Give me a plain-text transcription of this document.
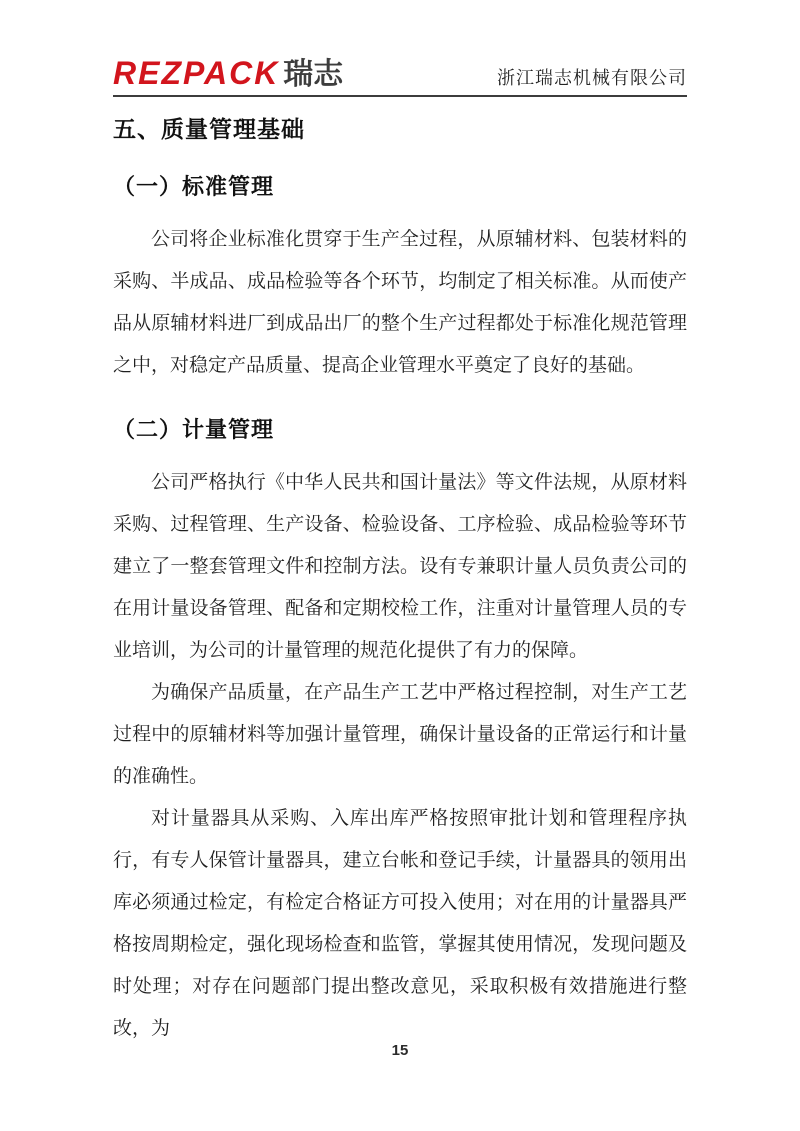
REZPACK 瑞志	浙江瑞志机械有限公司
五、质量管理基础
（一）标准管理

公司将企业标准化贯穿于生产全过程，从原辅材料、包装材料的采购、半成品、成品检验等各个环节，均制定了相关标准。从而使产品从原辅材料进厂到成品出厂的整个生产过程都处于标准化规范管理之中，对稳定产品质量、提高企业管理水平奠定了良好的基础。

（二）计量管理

公司严格执行《中华人民共和国计量法》等文件法规，从原材料采购、过程管理、生产设备、检验设备、工序检验、成品检验等环节建立了一整套管理文件和控制方法。设有专兼职计量人员负责公司的在用计量设备管理、配备和定期校检工作，注重对计量管理人员的专业培训，为公司的计量管理的规范化提供了有力的保障。

为确保产品质量，在产品生产工艺中严格过程控制，对生产工艺过程中的原辅材料等加强计量管理，确保计量设备的正常运行和计量的准确性。

对计量器具从采购、入库出库严格按照审批计划和管理程序执行，有专人保管计量器具，建立台帐和登记手续，计量器具的领用出库必须通过检定，有检定合格证方可投入使用；对在用的计量器具严格按周期检定，强化现场检查和监管，掌握其使用情况，发现问题及时处理；对存在问题部门提出整改意见，采取积极有效措施进行整改，为

15
